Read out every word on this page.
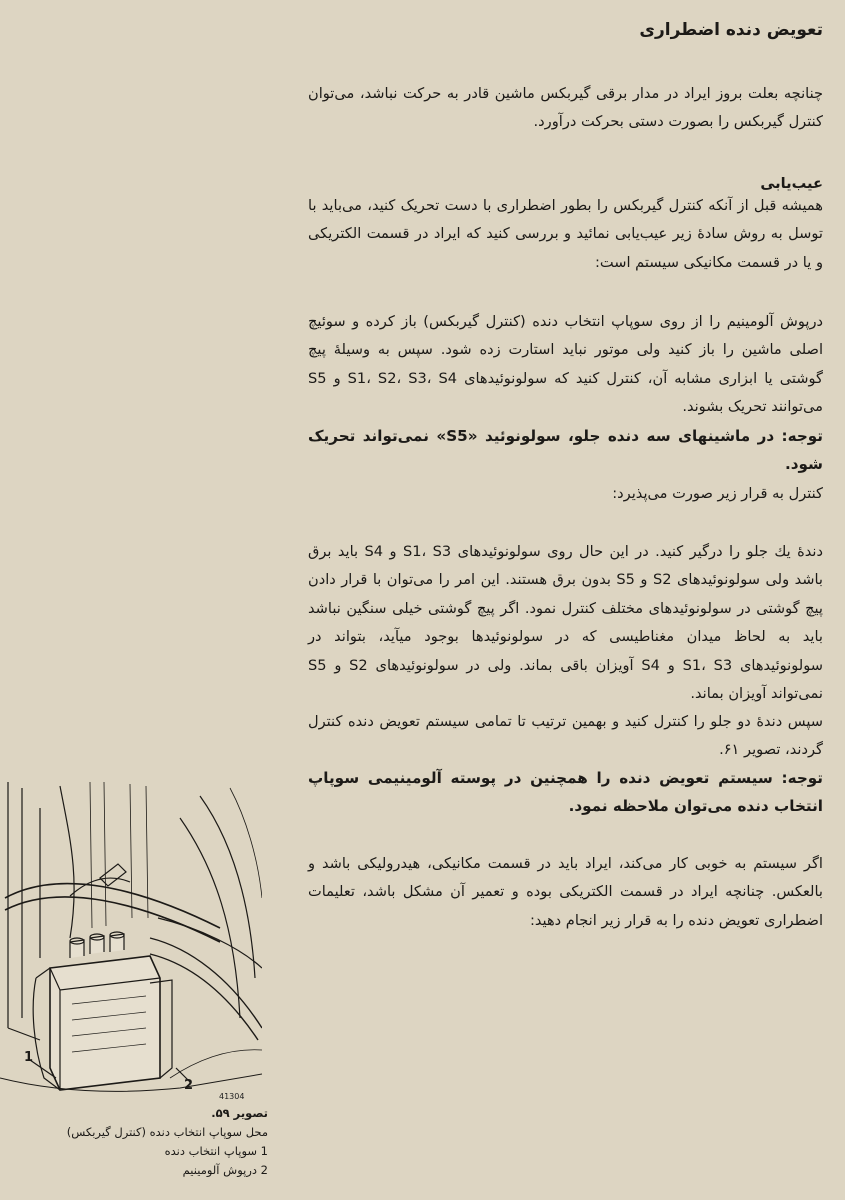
تعویض دنده اضطراری

چنانچه بعلت بروز ایراد در مدار برقی گیربکس ماشین قادر به حرکت نباشد، می‌توان کنترل گیربکس را بصورت دستی بحرکت درآورد.

عیب‌یابی

همیشه قبل از آنکه کنترل گیربکس را بطور اضطراری با دست تحریک کنید، می‌باید با توسل به روش سادهٔ زیر عیب‌یابی نمائید و بررسی کنید که ایراد در قسمت الکتریکی و یا در قسمت مکانیکی سیستم است:

درپوش آلومینیم را از روی سوپاپ انتخاب دنده (کنترل گیربکس) باز کرده و سوئیچ اصلی ماشین را باز کنید ولی موتور نباید استارت زده شود. سپس به وسیلهٔ پیچ گوشتی یا ابزاری مشابه آن، کنترل کنید که سولونوئیدهای S1، S2، S3، S4 و S5 می‌توانند تحریک بشوند.

توجه: در ماشینهای سه دنده جلو، سولونوئید «S5» نمی‌تواند تحریک شود.

کنترل به قرار زیر صورت می‌پذیرد:

دندهٔ یك جلو را درگیر کنید. در این حال روی سولونوئیدهای S1، S3 و S4 باید برق باشد ولی سولونوئیدهای S2 و S5 بدون برق هستند. این امر را می‌توان با قرار دادن پیچ گوشتی در سولونوئیدهای مختلف کنترل نمود. اگر پیچ گوشتی خیلی سنگین نباشد باید به لحاظ میدان مغناطیسی که در سولونوئیدها بوجود میآید، بتواند در سولونوئیدهای S1، S3 و S4 آویزان باقی بماند. ولی در سولونوئیدهای S2 و S5 نمی‌تواند آویزان بماند.

سپس دندهٔ دو جلو را کنترل کنید و بهمین ترتیب تا تمامی سیستم تعویض دنده کنترل گردند، تصویر ۶۱.

توجه: سیستم تعویض دنده را همچنین در پوسته آلومینیمی سوپاپ انتخاب دنده می‌توان ملاحظه نمود.

اگر سیستم به خوبی کار می‌کند، ایراد باید در قسمت مکانیکی، هیدرولیکی باشد و بالعکس. چنانچه ایراد در قسمت الکتریکی بوده و تعمیر آن مشکل باشد، تعلیمات اضطراری تعویض دنده را به قرار زیر انجام دهید:

1
2
41304
تصویر ۵۹.
محل سوپاپ انتخاب دنده (کنترل گیربکس)
1 سوپاپ انتخاب دنده
2 درپوش آلومینیم
